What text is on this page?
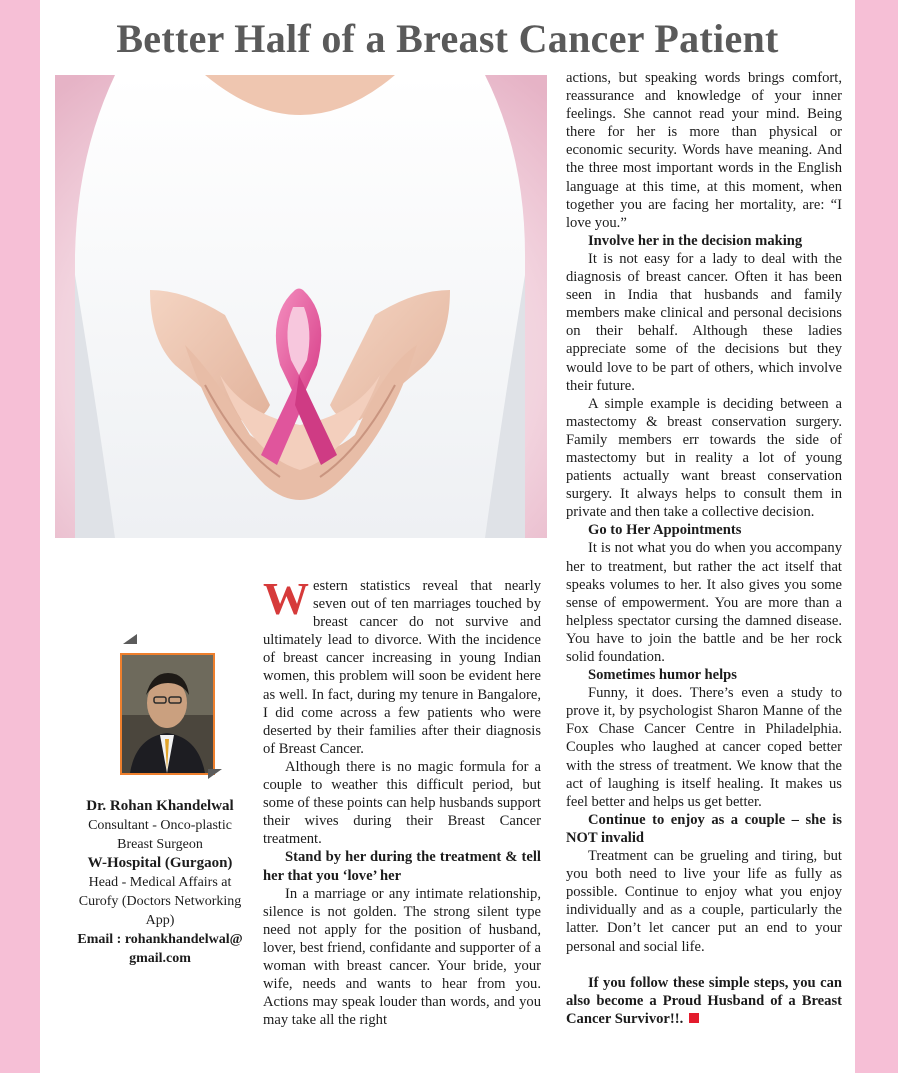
Better Half of a Breast Cancer Patient
Dr. Rohan Khandelwal
Consultant - Onco-plastic Breast Surgeon
W-Hospital (Gurgaon)
Head - Medical Affairs at Curofy (Doctors Networking App)
Email : rohankhandelwal@
gmail.com

Western statistics reveal that nearly seven out of ten marriages touched by breast cancer do not survive and ultimately lead to divorce. With the incidence of breast cancer increasing in young Indian women, this problem will soon be evident here as well. In fact, during my tenure in Bangalore, I did come across a few patients who were deserted by their families after their diagnosis of Breast Cancer.

Although there is no magic formula for a couple to weather this difficult period, but some of these points can help husbands support their wives during their Breast Cancer treatment.

Stand by her during the treatment & tell her that you ‘love’ her

In a marriage or any intimate relationship, silence is not golden. The strong silent type need not apply for the position of husband, lover, best friend, confidante and supporter of a woman with breast cancer. Your bride, your wife, needs and wants to hear from you. Actions may speak louder than words, and you may take all the right

actions, but speaking words brings comfort, reassurance and knowledge of your inner feelings. She cannot read your mind. Being there for her is more than physical or economic security. Words have meaning. And the three most important words in the English language at this time, at this moment, when together you are facing her mortality, are: “I love you.”

Involve her in the decision making

It is not easy for a lady to deal with the diagnosis of breast cancer. Often it has been seen in India that husbands and family members make clinical and personal decisions on their behalf. Although these ladies appreciate some of the decisions but they would love to be part of others, which involve their future.

A simple example is deciding between a mastectomy & breast conservation surgery. Family members err towards the side of mastectomy but in reality a lot of young patients actually want breast conservation surgery. It always helps to consult them in private and then take a collective decision.

Go to Her Appointments

It is not what you do when you accompany her to treatment, but rather the act itself that speaks volumes to her. It also gives you some sense of empowerment. You are more than a helpless spectator cursing the damned disease. You have to join the battle and be her rock solid foundation.

Sometimes humor helps

Funny, it does. There’s even a study to prove it, by psychologist Sharon Manne of the Fox Chase Cancer Centre in Philadelphia. Couples who laughed at cancer coped better with the stress of treatment. We know that the act of laughing is itself healing. It makes us feel better and helps us get better.

Continue to enjoy as a couple – she is NOT invalid

Treatment can be grueling and tiring, but you both need to live your life as fully as possible. Continue to enjoy what you enjoy individually and as a couple, particularly the latter. Don’t let cancer put an end to your personal and social life.

If you follow these simple steps, you can also become a Proud Husband of a Breast Cancer Survivor!!.
